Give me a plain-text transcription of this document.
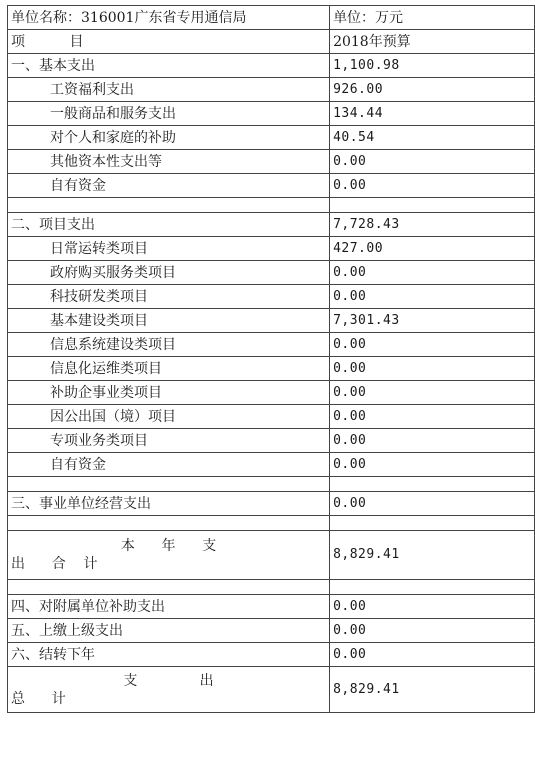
单位名称：316001广东省专用通信局	单位：万元
项          目	2018年预算
一、基本支出	1,100.98
工资福利支出	926.00
一般商品和服务支出	134.44
对个人和家庭的补助	40.54
其他资本性支出等	0.00
自有资金	0.00

二、项目支出	7,728.43
日常运转类项目	427.00
政府购买服务类项目	0.00
科技研发类项目	0.00
基本建设类项目	7,301.43
信息系统建设类项目	0.00
信息化运维类项目	0.00
补助企事业类项目	0.00
因公出国（境）项目	0.00
专项业务类项目	0.00
自有资金	0.00

三、事业单位经营支出	0.00

本      年      支
出      合    计	8,829.41

四、对附属单位补助支出	0.00
五、上缴上级支出	0.00
六、结转下年	0.00

支              出
总      计	8,829.41
